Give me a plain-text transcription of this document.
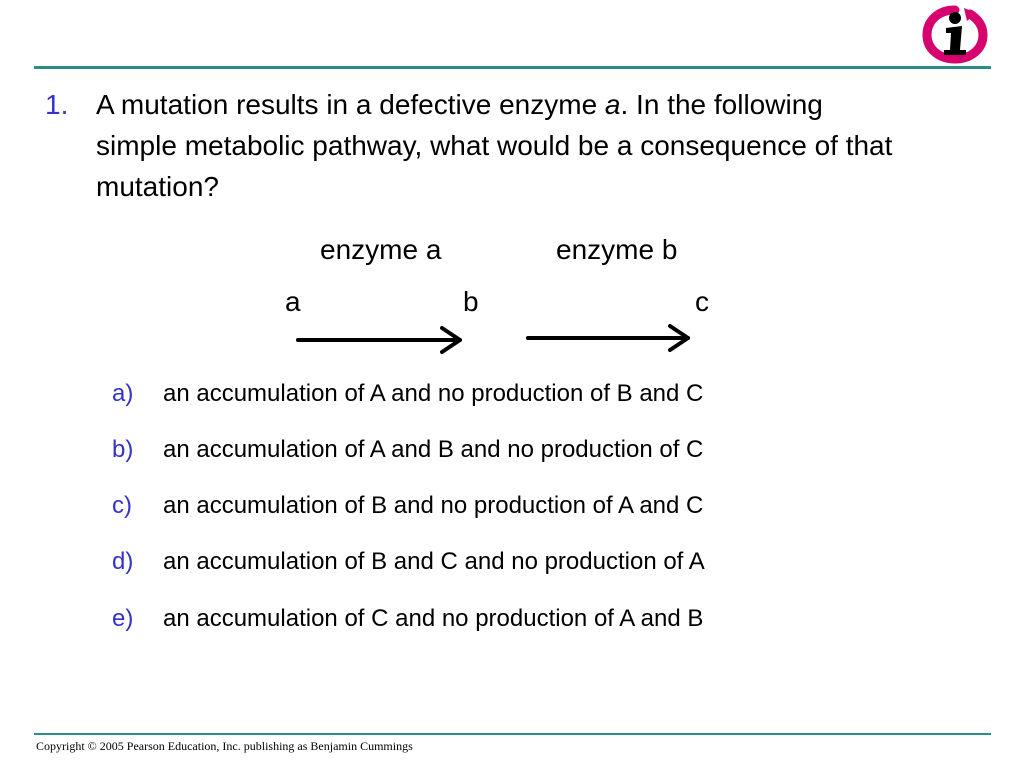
1. A mutation results in a defective enzyme a. In the following simple metabolic pathway, what would be a consequence of that mutation?
enzyme a	enzyme b
a	b	c
a) an accumulation of A and no production of B and C
b) an accumulation of A and B and no production of C
c) an accumulation of B and no production of A and C
d) an accumulation of B and C and no production of A
e) an accumulation of C and no production of A and B
Copyright © 2005 Pearson Education, Inc. publishing as Benjamin Cummings
